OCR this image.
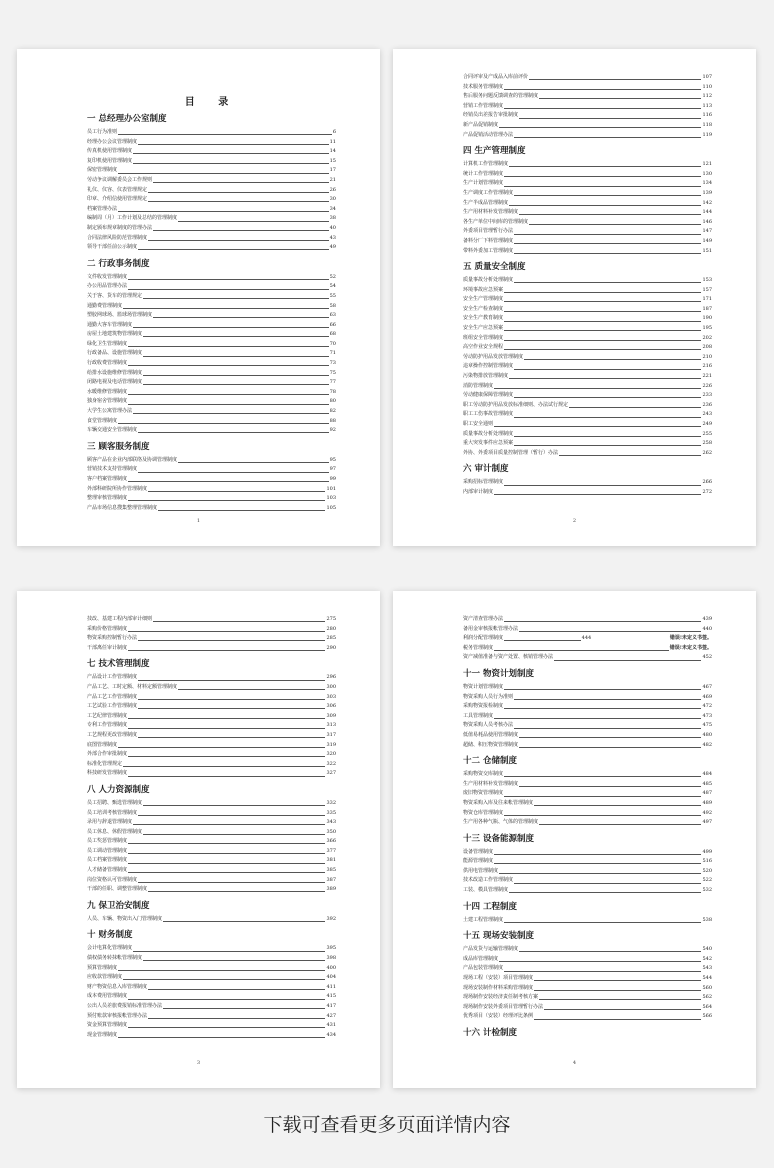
目 录
一 总经理办公室制度
员工行为准则	6
经理办公会议管理制度	11
传真机使用管理制度	14
复印机使用管理制度	15
保密管理制度	17
劳动争议调解委员会工作规则	21
礼仪、仪容、仪表管理规定	26
印章、介绍信使用管理规定	30
档案管理办法	34
编制周（月）工作计划及总结的管理制度	38
制定颁布规章制度的管理办法	40
合同法律风险防范管理制度	43
领导干部任前公示制度	49
二 行政事务制度
文件收发管理制度	52
办公用品管理办法	54
关于客、货车的管理规定	55
通勤费管理制度	58
塑胶网球场、篮球场管理制度	63
通勤大客车管理制度	66
房屋土地建筑物管理制度	68
绿化卫生管理制度	70
行政备品、设施管理制度	71
行政收费管理制度	73
给排水设施维修管理制度	75
闭路电视及电话管理制度	77
水暖维修管理制度	78
独身宿舍管理制度	80
大学生公寓管理办法	82
食堂管理制度	88
车辆交通安全管理制度	92
三 顾客服务制度
顾客产品在企业内部联络及协调管理制度	95
营销技术支持管理制度	97
客户档案管理制度	99
外部科研院所协作管理制度	101
整理审核管理制度	103
产品市场信息搜集整理管理制度	105
1
合同评审及产成品入库前评价	107
技术服务管理制度	110
售后服务问题反馈调查的管理制度	112
营销工作管理制度	113
经销员出差报告审批制度	116
新产品促销制度	118
产品促销活动管理办法	119
四 生产管理制度
计算机工作管理制度	121
统计工作管理制度	130
生产计划管理制度	134
生产调度工作管理制度	139
生产半成品管理制度	142
生产用材料补发管理制度	144
各生产单位中间库的管理制度	146
外委项目管理暂行办法	147
备料分厂下料管理制度	149
带料外委加工管理制度	151
五 质量安全制度
质量事故分析处理制度	153
环境事故应急预案	157
安全生产管理制度	171
安全生产检查制度	187
安全生产教育制度	190
安全生产应急预案	195
班组安全管理制度	202
高空作业安全规程	208
劳动防护用品发放管理制度	210
违章操作控制管理制度	216
污染物排放管理制度	221
消防管理制度	226
劳动健康保障管理制度	233
职工劳动防护用品发放标准细则、办法试行规定	236
职工工伤事故管理制度	243
职工安全通则	249
质量事故分析处理制度	255
重大突发事件应急预案	258
外协、外委项目质量控制管理（暂行）办法	262
六 审计制度
采购招标管理制度	266
内部审计制度	272
2
技改、基建工程内部审计细则	275
采购价格管理制度	280
物资采购控制暂行办法	285
干部离任审计制度	290
七 技术管理制度
产品设计工作管理制度	296
产品工艺、工时定额、材料定额管理制度	300
产品工艺工作管理制度	303
工艺试验工作管理制度	306
工艺纪律管理制度	309
专利工作管理制度	313
工艺规程更改管理制度	317
底图管理制度	319
外部合作审批制度	320
标准化管理规定	322
科技研发管理制度	327
八 人力资源制度
员工招聘、甄选管理制度	332
员工培训考核管理制度	335
录用与辞退管理制度	343
员工休息、休假管理制度	350
员工奖惩管理制度	366
员工调动管理制度	377
员工档案管理制度	381
人才储备管理制度	385
岗位资格认可管理制度	387
干部的任职、调整管理制度	389
九 保卫治安制度
人员、车辆、物资出入门管理制度	392
十 财务制度
会计电算化管理制度	395
债权债务转抹帐管理制度	398
预算管理制度	400
应收款管理制度	404
财产物资信息入库管理制度	411
成本费用管理制度	415
公出人员差旅费报销标准管理办法	417
预付账款审核报帐管理办法	427
资金预算管理制度	431
现金管理制度	434
3
资产清查管理办法	439
备用金审核报帐管理办法	440
利润分配管理制度	444	错误!未定义书签。
税务管理制度	错误!未定义书签。
资产减值准备与资产处置、核销管理办法	452
十一 物资计划制度
物资计划管理制度	467
物资采购人员行为准则	469
采购物资报检制度	472
工具管理制度	473
物资采购人员考核办法	475
低值易耗品使用管理制度	480
超储、积压物资管理制度	482
十二 仓储制度
采购物资交库制度	484
生产用材料补发管理制度	485
废旧物资管理制度	487
物资采购入库及往来帐管理制度	489
物资仓库管理制度	492
生产用各种气瓶、气体的管理制度	497
十三 设备能源制度
设备管理制度	499
能源管理制度	516
供用电管理制度	520
技术改造工作管理制度	522
工装、模具管理制度	532
十四 工程制度
土建工程管理制度	538
十五 现场安装制度
产品发货与运输管理制度	540
成品库管理制度	542
产品包装管理制度	543
现场工程（安装）项目管理制度	544
现场安装制作材料采购管理制度	560
现场制作安装经济责任制考核方案	562
现场制作安装外委项目管理暂行办法	564
优秀项目（安装）经理评比条例	566
十六 计检制度
4
下载可查看更多页面详情内容
